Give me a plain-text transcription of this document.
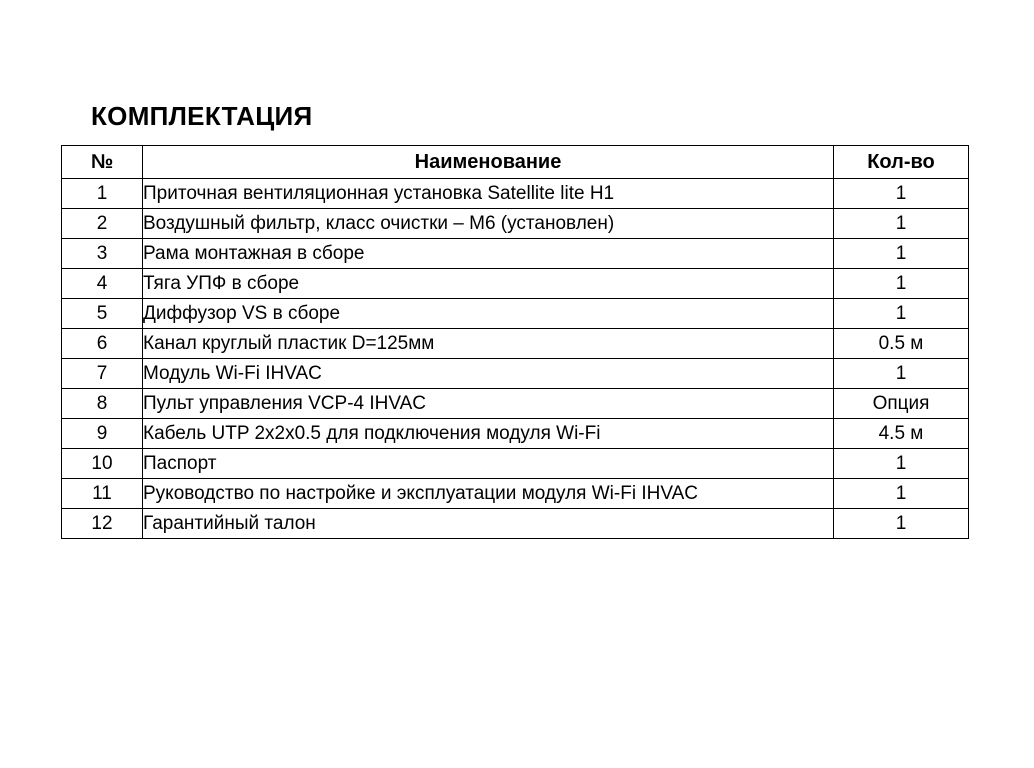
КОМПЛЕКТАЦИЯ
№	Наименование	Кол-во
1	Приточная вентиляционная установка Satellite lite H1	1
2	Воздушный фильтр, класс очистки – М6 (установлен)	1
3	Рама монтажная в сборе	1
4	Тяга УПФ в сборе	1
5	Диффузор VS в сборе	1
6	Канал круглый пластик D=125мм	0.5 м
7	Модуль Wi-Fi IHVAC	1
8	Пульт управления VCP-4 IHVAC	Опция
9	Кабель UTP 2x2x0.5 для подключения модуля Wi-Fi	4.5 м
10	Паспорт	1
11	Руководство по настройке и эксплуатации модуля Wi-Fi IHVAC	1
12	Гарантийный талон	1
